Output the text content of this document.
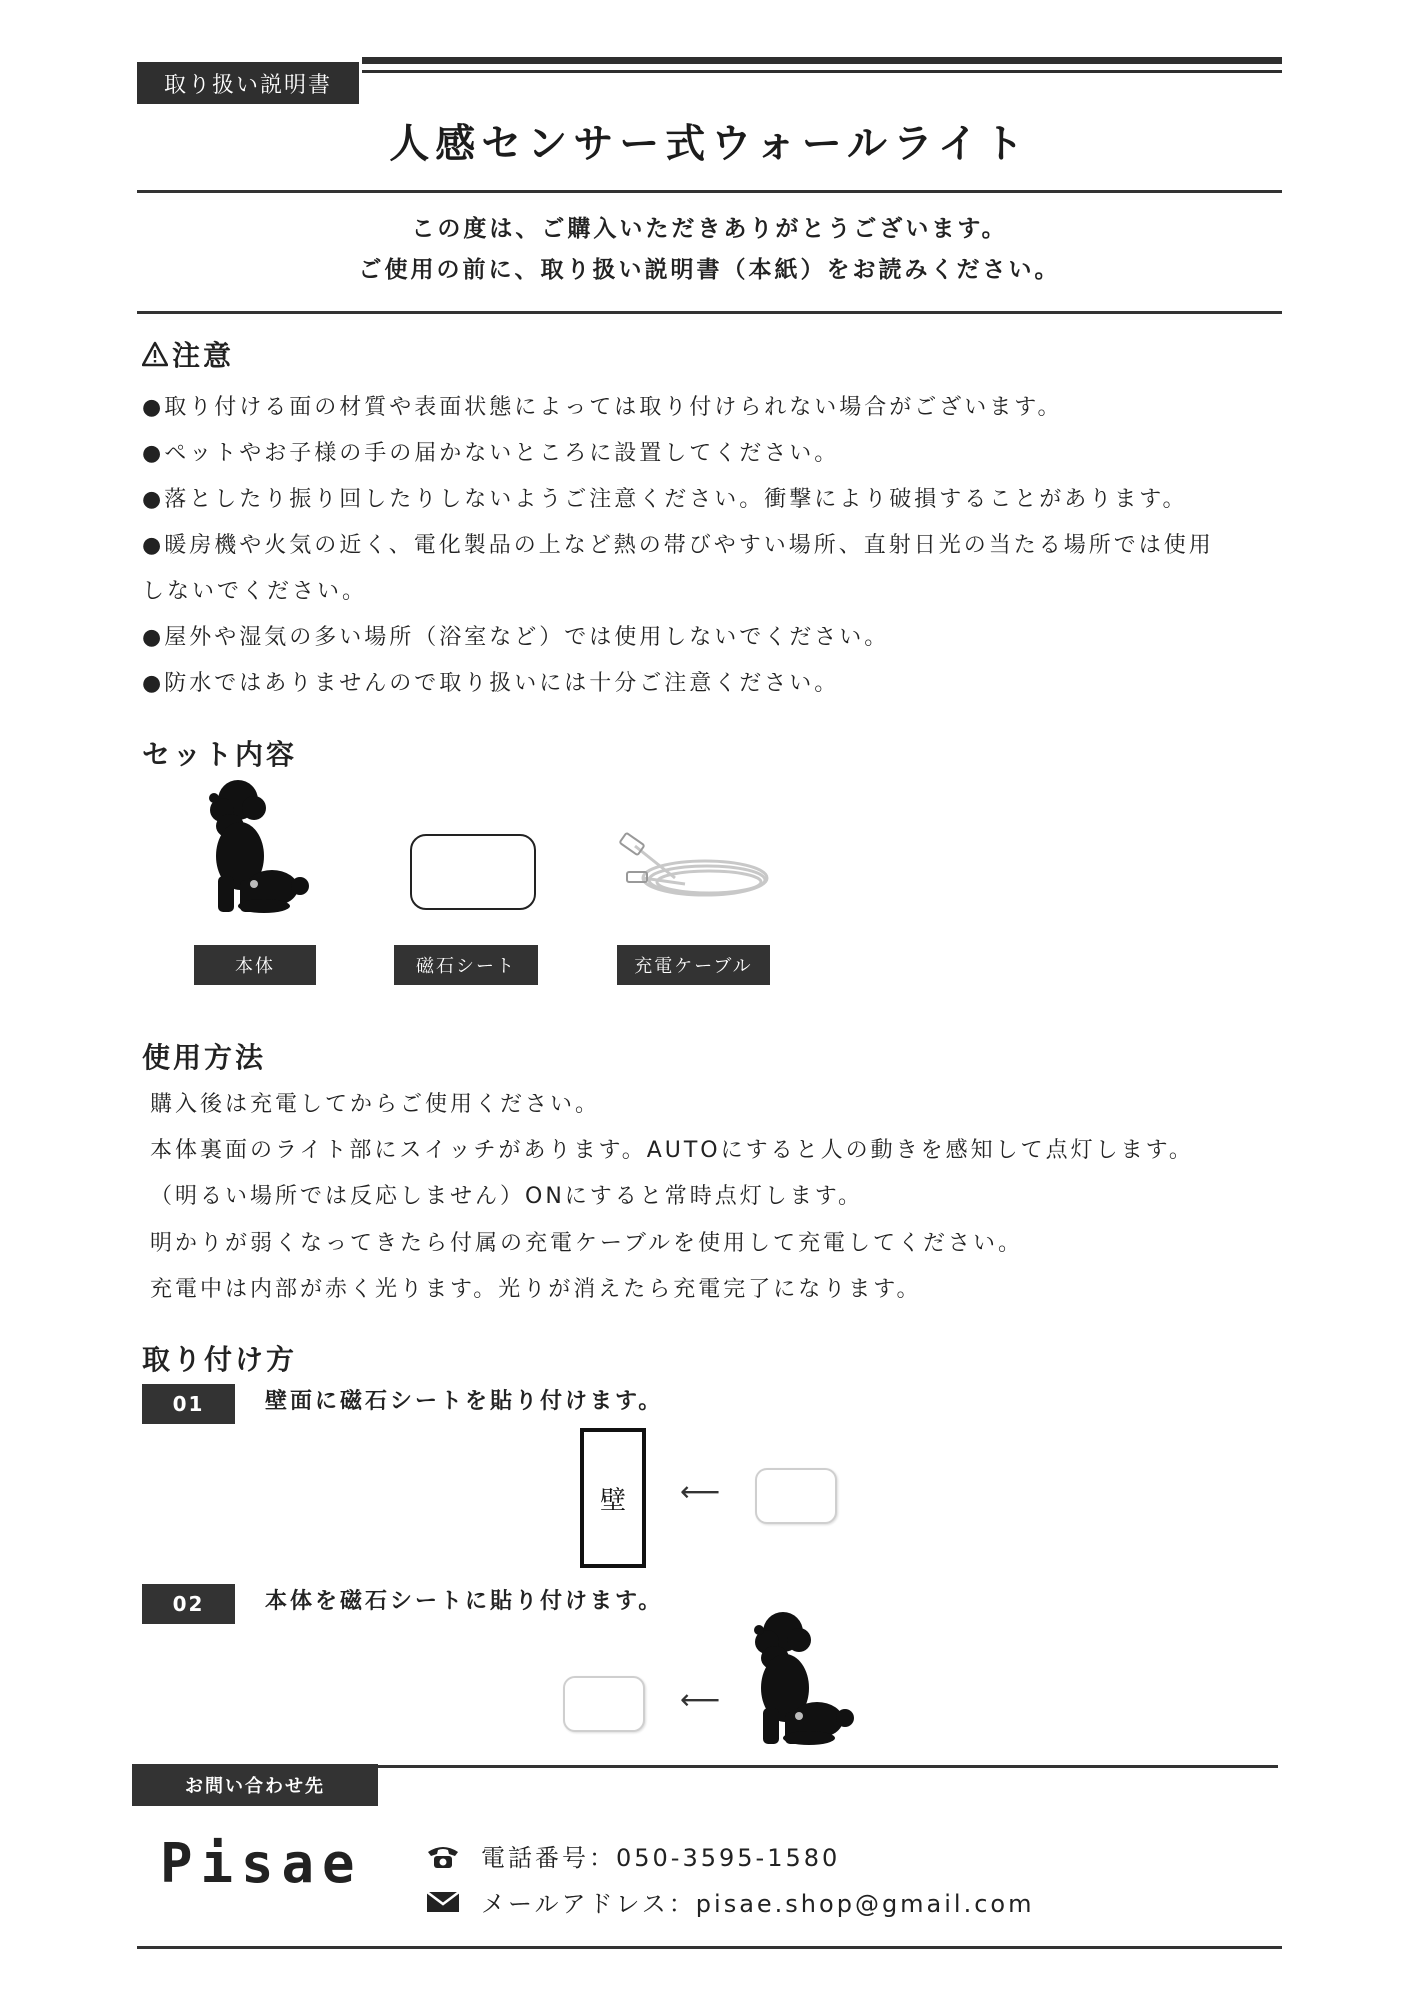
取り扱い説明書
人感センサー式ウォールライト
この度は、ご購入いただきありがとうございます。
ご使用の前に、取り扱い説明書（本紙）をお読みください。
注意
●取り付ける面の材質や表面状態によっては取り付けられない場合がございます。
●ペットやお子様の手の届かないところに設置してください。
●落としたり振り回したりしないようご注意ください。衝撃により破損することがあります。
●暖房機や火気の近く、電化製品の上など熱の帯びやすい場所、直射日光の当たる場所では使用
しないでください。
●屋外や湿気の多い場所（浴室など）では使用しないでください。
●防水ではありませんので取り扱いには十分ご注意ください。
セット内容
本体	磁石シート	充電ケーブル
使用方法
購入後は充電してからご使用ください。
本体裏面のライト部にスイッチがあります。AUTOにすると人の動きを感知して点灯します。
（明るい場所では反応しません）ONにすると常時点灯します。
明かりが弱くなってきたら付属の充電ケーブルを使用して充電してください。
充電中は内部が赤く光ります。光りが消えたら充電完了になります。
取り付け方
01	壁面に磁石シートを貼り付けます。
壁 ⟵
02	本体を磁石シートに貼り付けます。
⟵
お問い合わせ先
Pisae	電話番号：050-3595-1580
メールアドレス：pisae.shop@gmail.com
